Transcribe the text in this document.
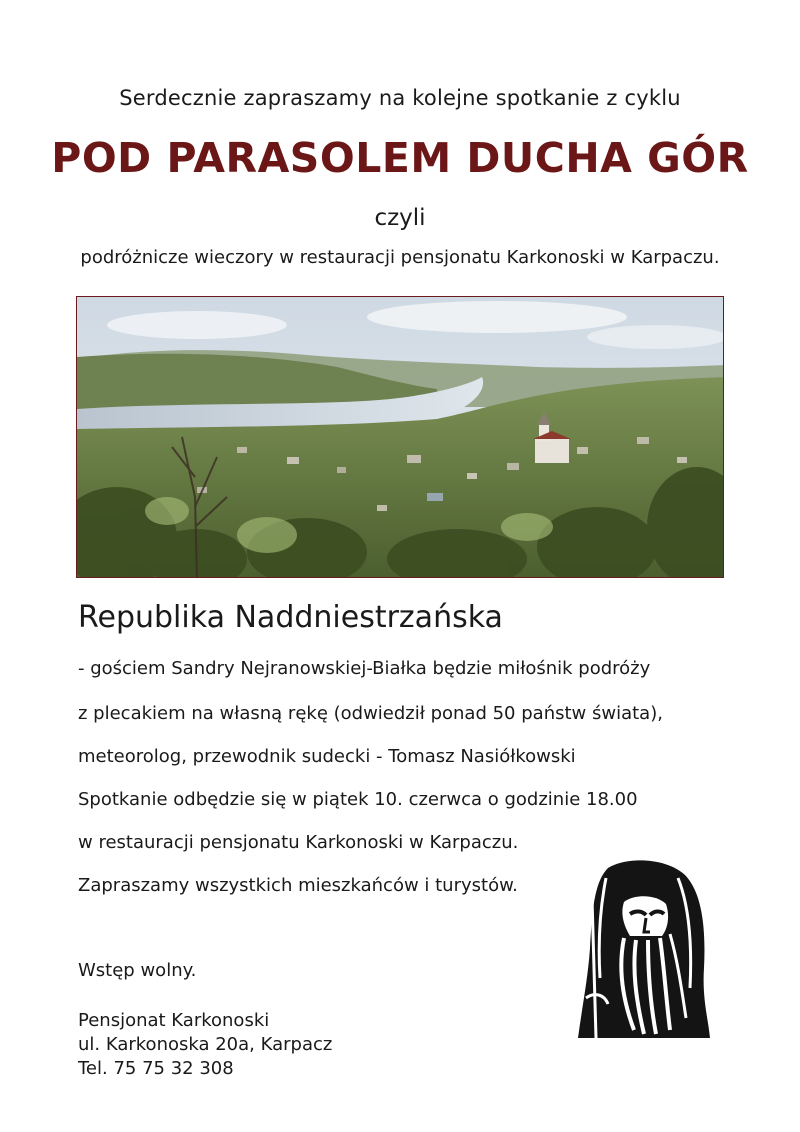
Serdecznie zapraszamy na kolejne spotkanie z cyklu
POD PARASOLEM DUCHA GÓR
czyli
podróżnicze wieczory w restauracji pensjonatu Karkonoski w Karpaczu.
Republika Naddniestrzańska
- gościem Sandry Nejranowskiej-Białka będzie miłośnik podróży
z plecakiem na własną rękę (odwiedził ponad 50 państw świata),
meteorolog, przewodnik sudecki - Tomasz Nasiółkowski
Spotkanie odbędzie się w piątek 10. czerwca o godzinie 18.00
w restauracji pensjonatu Karkonoski w Karpaczu.
Zapraszamy wszystkich mieszkańców i turystów.
Wstęp wolny.
Pensjonat Karkonoski
ul. Karkonoska 20a, Karpacz
Tel. 75 75 32 308
